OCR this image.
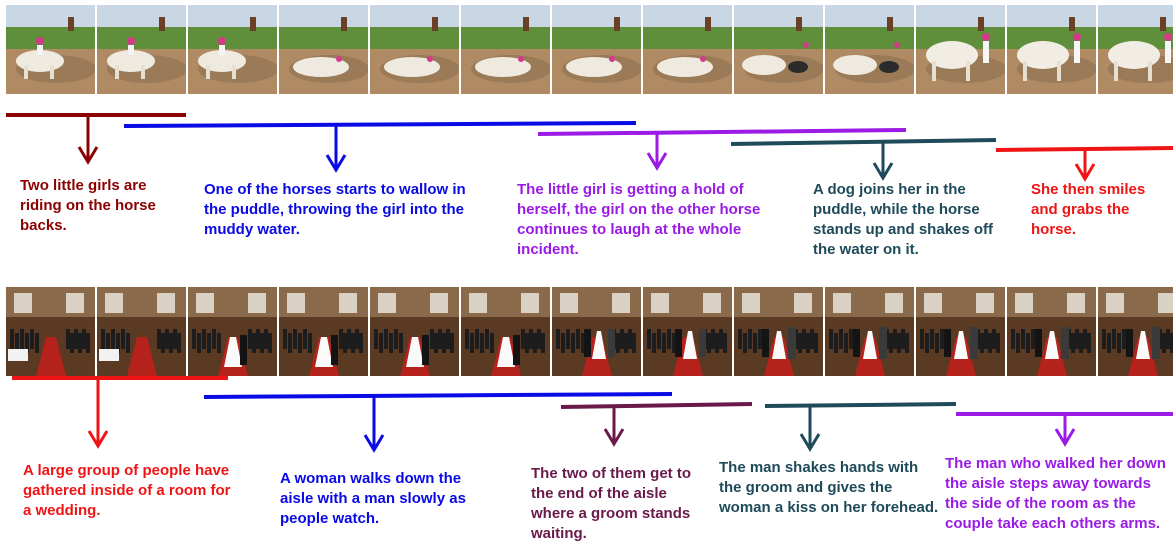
Two little girls are riding on the horse backs.
One of the horses starts to wallow in the puddle, throwing the girl into the muddy water.
The little girl is getting a hold of herself, the girl on the other horse continues to laugh at the whole incident.
A dog joins her in the puddle, while the horse stands up and shakes off the water on it.
She then smiles and grabs the horse.
A large group of people have gathered inside of a room for a wedding.
A woman walks down the aisle with a man slowly as people watch.
The two of them get to the end of the aisle where a groom stands waiting.
The man shakes hands with the groom and gives the woman a kiss on her forehead.
The man who walked her down the aisle steps away towards the side of the room as the couple take each others arms.
